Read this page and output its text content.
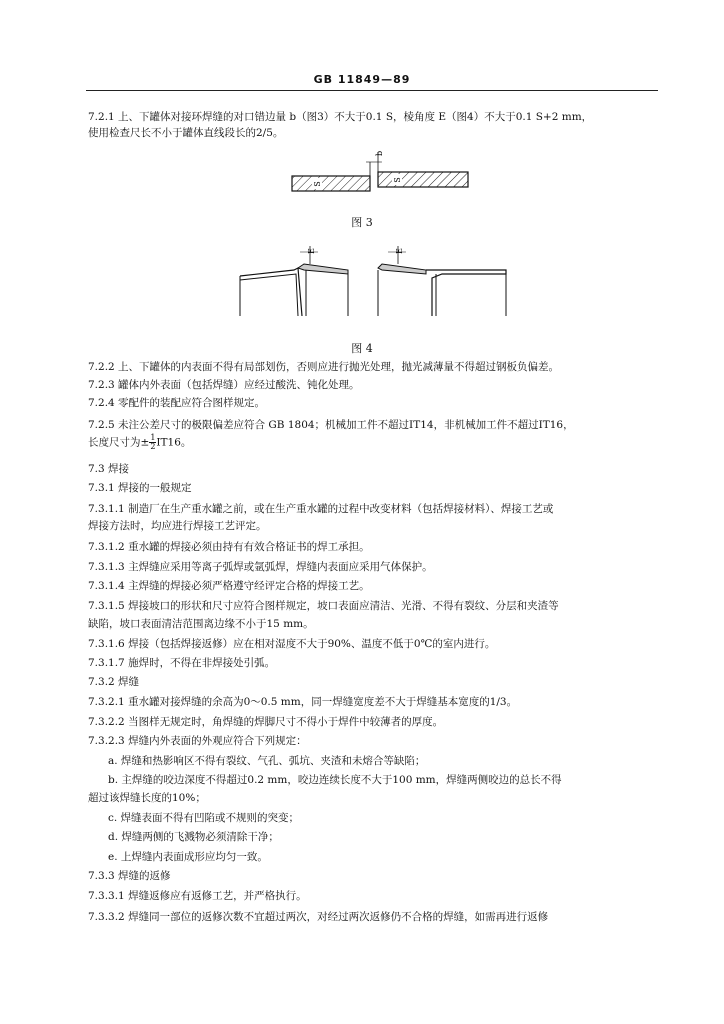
GB 11849—89
7.2.1 上、下罐体对接环焊缝的对口错边量 b（图3）不大于0.1 S，棱角度 E（图4）不大于0.1 S+2 mm，
使用检查尺长不小于罐体直线段长的2/5。
S
S
b
图 3
E	E
图 4
7.2.2 上、下罐体的内表面不得有局部划伤，否则应进行抛光处理，抛光减薄量不得超过钢板负偏差。
7.2.3 罐体内外表面（包括焊缝）应经过酸洗、钝化处理。
7.2.4 零配件的装配应符合图样规定。
7.2.5 未注公差尺寸的极限偏差应符合 GB 1804；机械加工件不超过IT14，非机械加工件不超过IT16，
长度尺寸为± $\frac{1}{2} IT16$。
7.3 焊接
7.3.1 焊接的一般规定
7.3.1.1 制造厂在生产重水罐之前，或在生产重水罐的过程中改变材料（包括焊接材料）、焊接工艺或
焊接方法时，均应进行焊接工艺评定。
7.3.1.2 重水罐的焊接必须由持有有效合格证书的焊工承担。
7.3.1.3 主焊缝应采用等离子弧焊或氩弧焊，焊缝内表面应采用气体保护。
7.3.1.4 主焊缝的焊接必须严格遵守经评定合格的焊接工艺。
7.3.1.5 焊接坡口的形状和尺寸应符合图样规定，坡口表面应清洁、光滑、不得有裂纹、分层和夹渣等
缺陷，坡口表面清洁范围离边缘不小于15 mm。
7.3.1.6 焊接（包括焊接返修）应在相对湿度不大于90%、温度不低于0℃的室内进行。
7.3.1.7 施焊时，不得在非焊接处引弧。
7.3.2 焊缝
7.3.2.1 重水罐对接焊缝的余高为0～0.5 mm，同一焊缝宽度差不大于焊缝基本宽度的1/3。
7.3.2.2 当图样无规定时，角焊缝的焊脚尺寸不得小于焊件中较薄者的厚度。
7.3.2.3 焊缝内外表面的外观应符合下列规定：
a. 焊缝和热影响区不得有裂纹、气孔、弧坑、夹渣和未熔合等缺陷；
b. 主焊缝的咬边深度不得超过0.2 mm，咬边连续长度不大于100 mm，焊缝两侧咬边的总长不得
超过该焊缝长度的10%；
c. 焊缝表面不得有凹陷或不规则的突变；
d. 焊缝两侧的飞溅物必须清除干净；
e. 上焊缝内表面成形应均匀一致。
7.3.3 焊缝的返修
7.3.3.1 焊缝返修应有返修工艺，并严格执行。
7.3.3.2 焊缝同一部位的返修次数不宜超过两次，对经过两次返修仍不合格的焊缝，如需再进行返修
